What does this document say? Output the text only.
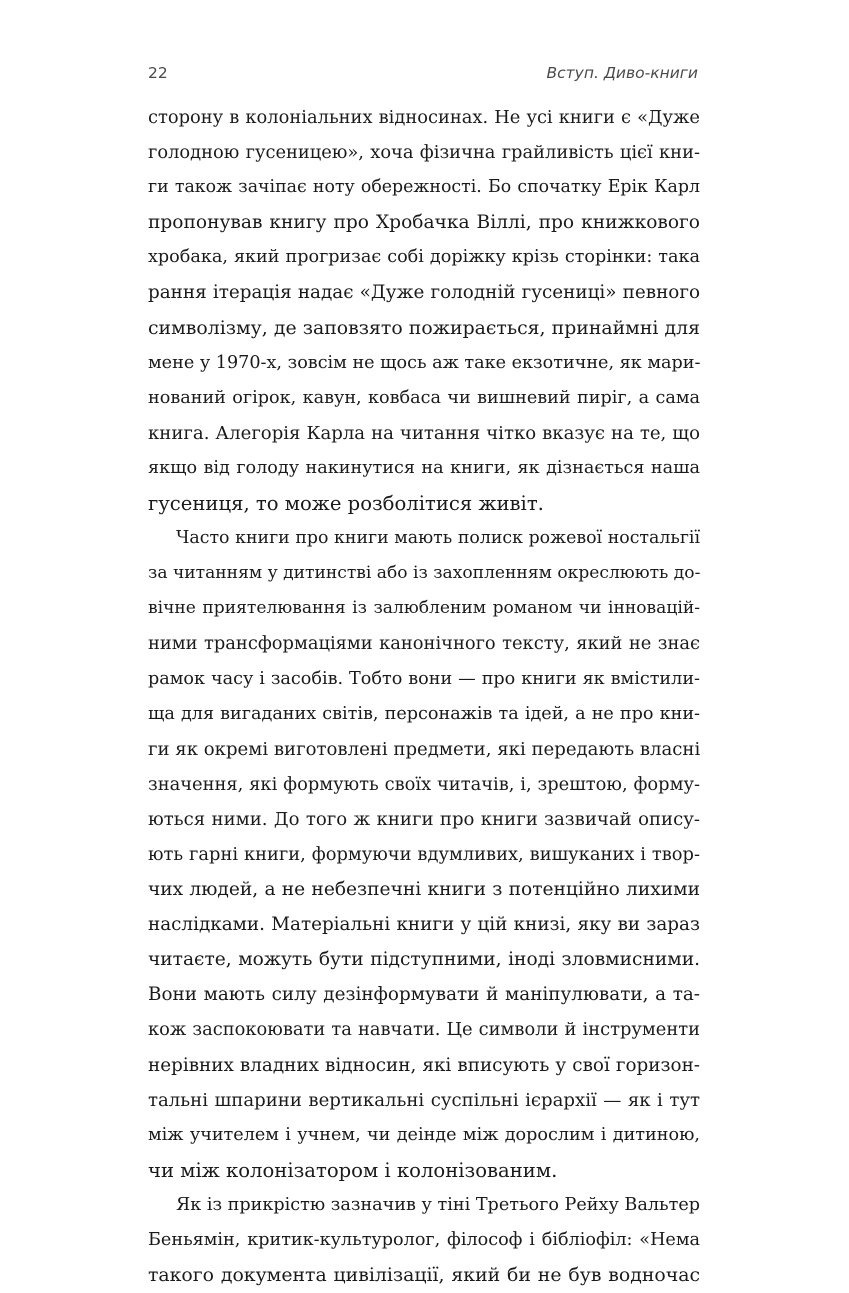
22	Вступ. Диво-книги
сторону в колоніальних відносинах. Не усі книги є «Дуже
голодною гусеницею», хоча фізична грайливість цієї кни-
ги також зачіпає ноту обережності. Бо спочатку Ерік Карл
пропонував книгу про Хробачка Віллі, про книжкового
хробака, який прогризає собі доріжку крізь сторінки: така
рання ітерація надає «Дуже голодній гусениці» певного
символізму, де заповзято пожирається, принаймні для
мене у 1970-х, зовсім не щось аж таке екзотичне, як мари-
нований огірок, кавун, ковбаса чи вишневий пиріг, а сама
книга. Алегорія Карла на читання чітко вказує на те, що
якщо від голоду накинутися на книги, як дізнається наша
гусениця, то може розболітися живіт.
Часто книги про книги мають полиск рожевої ностальгії
за читанням у дитинстві або із захопленням окреслюють до-
вічне приятелювання із залюбленим романом чи інновацій-
ними трансформаціями канонічного тексту, який не знає
рамок часу і засобів. Тобто вони — про книги як вмістили-
ща для вигаданих світів, персонажів та ідей, а не про кни-
ги як окремі виготовлені предмети, які передають власні
значення, які формують своїх читачів, і, зрештою, форму-
ються ними. До того ж книги про книги зазвичай опису-
ють гарні книги, формуючи вдумливих, вишуканих і твор-
чих людей, а не небезпечні книги з потенційно лихими
наслідками. Матеріальні книги у цій книзі, яку ви зараз
читаєте, можуть бути підступними, іноді зловмисними.
Вони мають силу дезінформувати й маніпулювати, а та-
кож заспокоювати та навчати. Це символи й інструменти
нерівних владних відносин, які вписують у свої горизон-
тальні шпарини вертикальні суспільні ієрархії — як і тут
між учителем і учнем, чи деінде між дорослим і дитиною,
чи між колонізатором і колонізованим.
Як із прикрістю зазначив у тіні Третього Рейху Вальтер
Беньямін, критик-культуролог, філософ і бібліофіл: «Нема
такого документа цивілізації, який би не був водночас
